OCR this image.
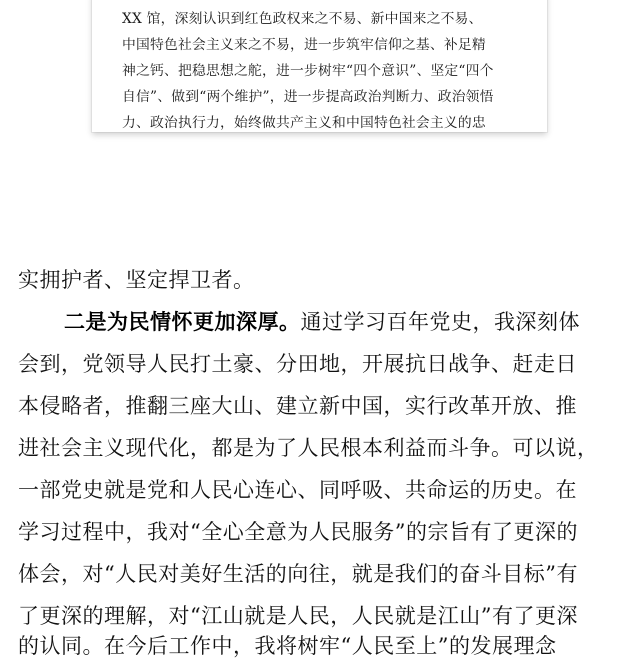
XX 馆，深刻认识到红色政权来之不易、新中国来之不易、

中国特色社会主义来之不易，进一步筑牢信仰之基、补足精

神之钙、把稳思想之舵，进一步树牢“四个意识”、坚定“四个

自信”、做到“两个维护”，进一步提高政治判断力、政治领悟

力、政治执行力，始终做共产主义和中国特色社会主义的忠

实拥护者、坚定捍卫者。

二是为民情怀更加深厚。通过学习百年党史，我深刻体

会到，党领导人民打土豪、分田地，开展抗日战争、赶走日

本侵略者，推翻三座大山、建立新中国，实行改革开放、推

进社会主义现代化，都是为了人民根本利益而斗争。可以说，

一部党史就是党和人民心连心、同呼吸、共命运的历史。在

学习过程中，我对“全心全意为人民服务”的宗旨有了更深的

体会，对“人民对美好生活的向往，就是我们的奋斗目标”有

了更深的理解，对“江山就是人民，人民就是江山”有了更深

的认同。在今后工作中，我将树牢“人民至上”的发展理念
